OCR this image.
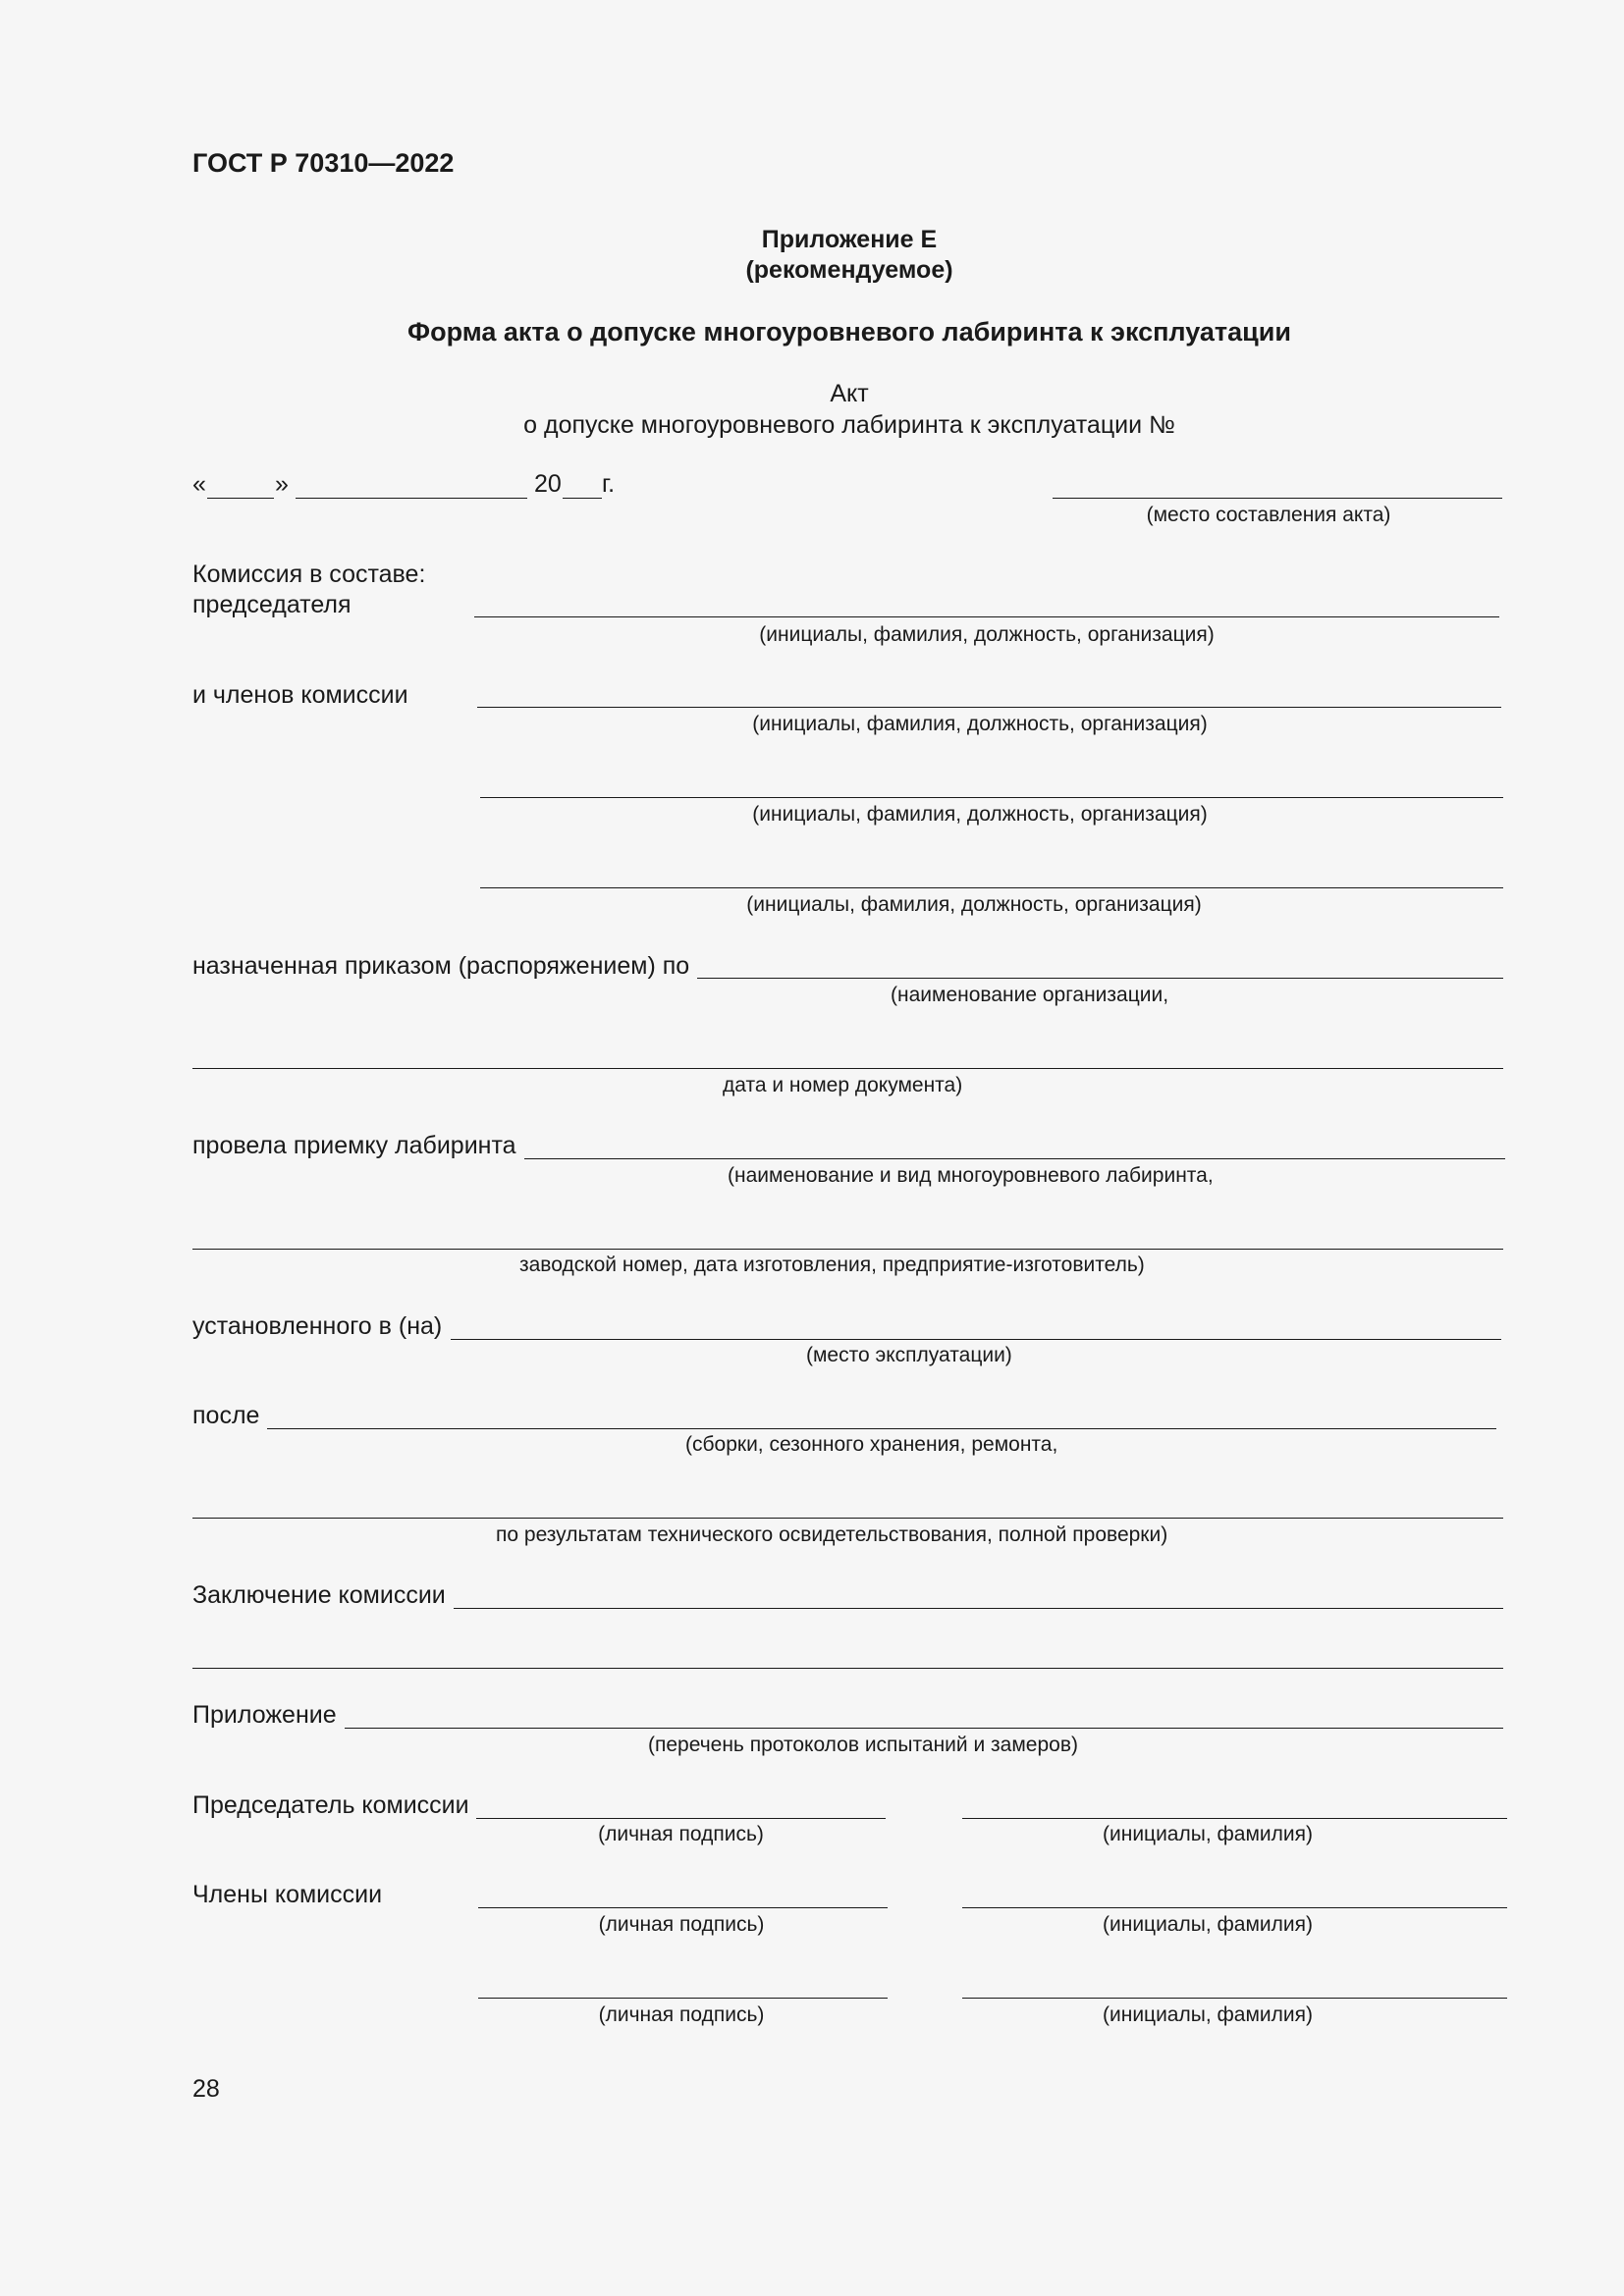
ГОСТ Р 70310—2022
Приложение Е
(рекомендуемое)
Форма акта о допуске многоуровневого лабиринта к эксплуатации
Акт
о допуске многоуровневого лабиринта к эксплуатации №
«	»	20 г.
(место составления акта)
Комиссия в составе:
председателя
(инициалы, фамилия, должность, организация)
и членов комиссии
(инициалы, фамилия, должность, организация)
(инициалы, фамилия, должность, организация)
(инициалы, фамилия, должность, организация)
назначенная приказом (распоряжением) по
(наименование организации,
дата и номер документа)
провела приемку лабиринта
(наименование и вид многоуровневого лабиринта,
заводской номер, дата изготовления, предприятие-изготовитель)
установленного в (на)
(место эксплуатации)
после
(сборки, сезонного хранения, ремонта,
по результатам технического освидетельствования, полной проверки)
Заключение комиссии
Приложение
(перечень протоколов испытаний и замеров)
Председатель комиссии
(личная подпись)	(инициалы, фамилия)
Члены комиссии
(личная подпись)	(инициалы, фамилия)
(личная подпись)	(инициалы, фамилия)
28
